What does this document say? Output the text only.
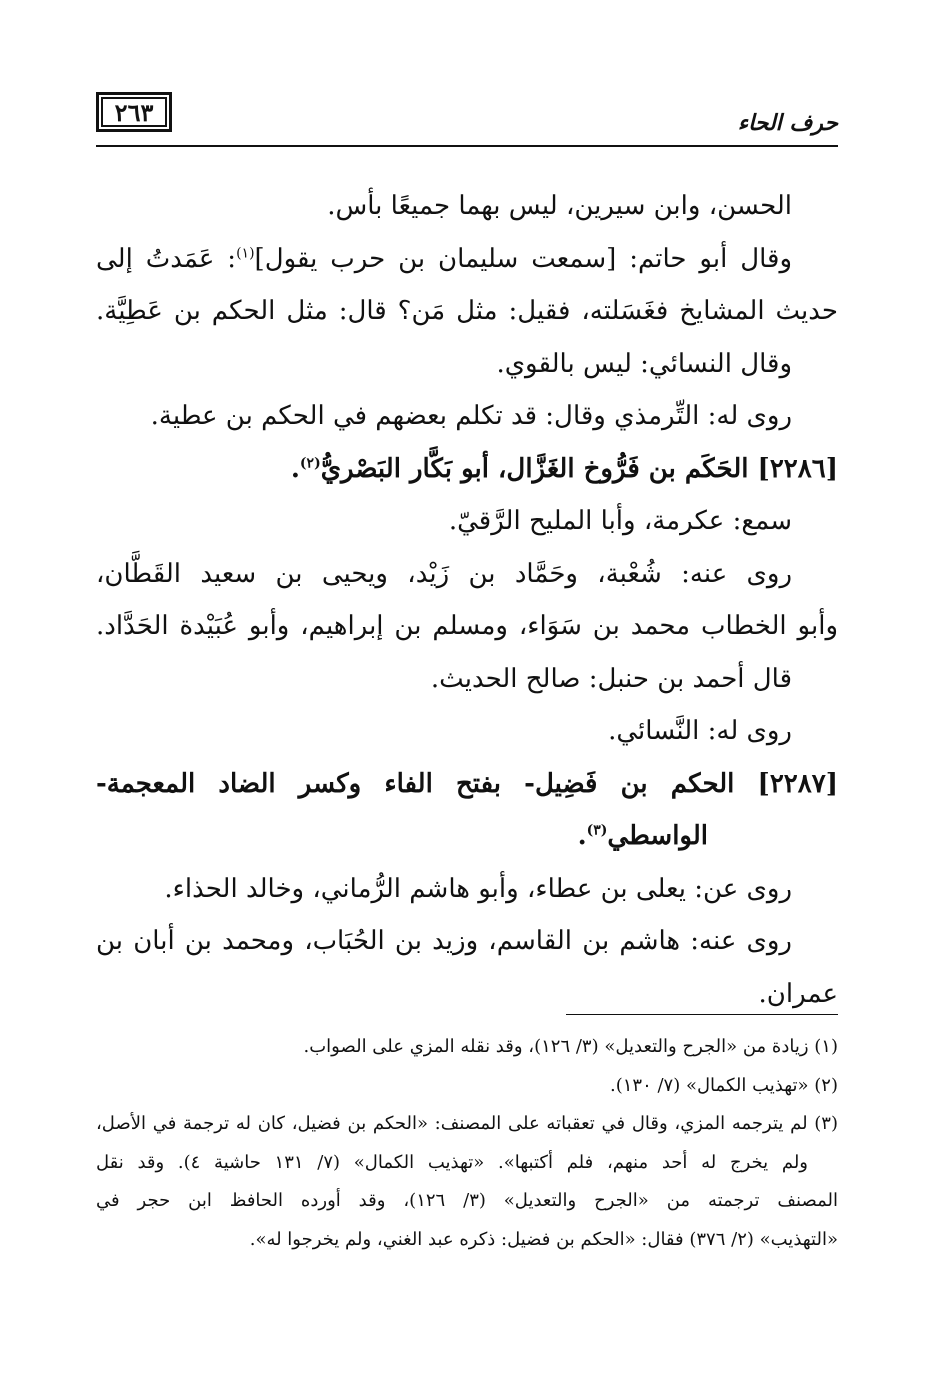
٢٦٣	حرف الحاء
الحسن، وابن سيرين، ليس بهما جميعًا بأس.
وقال أبو حاتم: [سمعت سليمان بن حرب يقول]$^{(١)}$: عَمَدتُ إلى
حديث المشايخ فغَسَلته، فقيل: مثل مَن؟ قال: مثل الحكم بن عَطِيَّة.
وقال النسائي: ليس بالقوي.
روى له: التِّرمذي وقال: قد تكلم بعضهم في الحكم بن عطية.
[٢٢٨٦] الحَكَم بن فَرُّوخ الغَزَّال، أبو بَكَّار البَصْريُّ$^{(٢)}$.
سمع: عكرمة، وأبا المليح الرَّقيّ.
روى عنه: شُعْبة، وحَمَّاد بن زَيْد، ويحيى بن سعيد القَطَّان،
وأبو الخطاب محمد بن سَوَاء، ومسلم بن إبراهيم، وأبو عُبَيْدة الحَدَّاد.
قال أحمد بن حنبل: صالح الحديث.
روى له: النَّسائي.
[٢٢٨٧] الحكم بن فَضِيل- بفتح الفاء وكسر الضاد المعجمة-
الواسطي$^{(٣)}$.
روى عن: يعلى بن عطاء، وأبو هاشم الرُّماني، وخالد الحذاء.
روى عنه: هاشم بن القاسم، وزيد بن الحُبَاب، ومحمد بن أبان بن
عمران.
(١) زيادة من «الجرح والتعديل» (٣/ ١٢٦)، وقد نقله المزي على الصواب.
(٢) «تهذيب الكمال» (٧/ ١٣٠).
(٣) لم يترجمه المزي، وقال في تعقباته على المصنف: «الحكم بن فضيل، كان له ترجمة في الأصل،
ولم يخرج له أحد منهم، فلم أكتبها». «تهذيب الكمال» (٧/ ١٣١ حاشية ٤). وقد نقل
المصنف ترجمته من «الجرح والتعديل» (٣/ ١٢٦)، وقد أورده الحافظ ابن حجر في
«التهذيب» (٢/ ٣٧٦) فقال: «الحكم بن فضيل: ذكره عبد الغني، ولم يخرجوا له».
